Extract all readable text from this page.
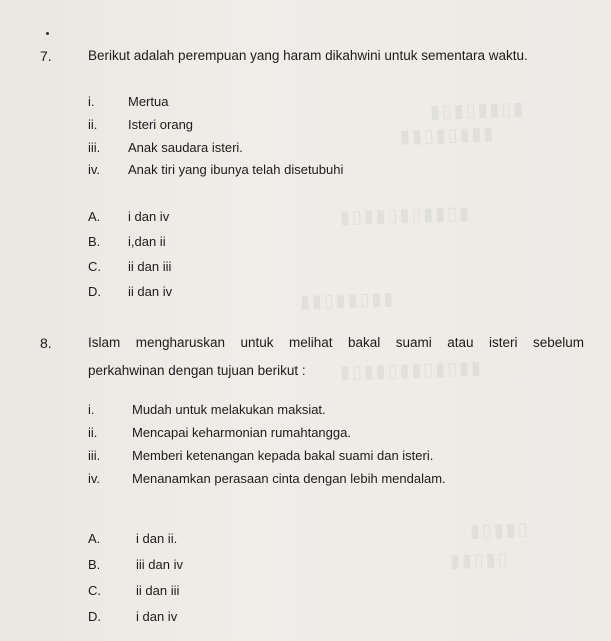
▮▯▮▯▮▮▯▮
▮▮▯▮▯▮▮▮
▮▯▮▮▯▮▯▮▮▯▮
▮▮▯▮▮▯▮▮
▮▯▮▮▯▮▮▯▮▯▮▮
▮▯▮▮▯
▮▮▯▮▯
7.	Berikut adalah perempuan yang haram dikahwini untuk sementara waktu.
i.	Mertua
ii. Isteri orang
iii. Anak saudara isteri.
iv. Anak tiri yang ibunya telah disetubuhi
A. i dan iv
B. i,dan ii
C. ii dan iii
D. ii dan iv
8.	Islam mengharuskan untuk melihat bakal suami atau isteri sebelum
perkahwinan dengan tujuan berikut :
i.	Mudah untuk melakukan maksiat.
ii.	Mencapai keharmonian rumahtangga.
iii. Memberi ketenangan kepada bakal suami dan isteri.
iv. Menanamkan perasaan cinta dengan lebih mendalam.
A.	i dan ii.
B.	iii dan iv
C.	ii dan iii
D.	i dan iv
